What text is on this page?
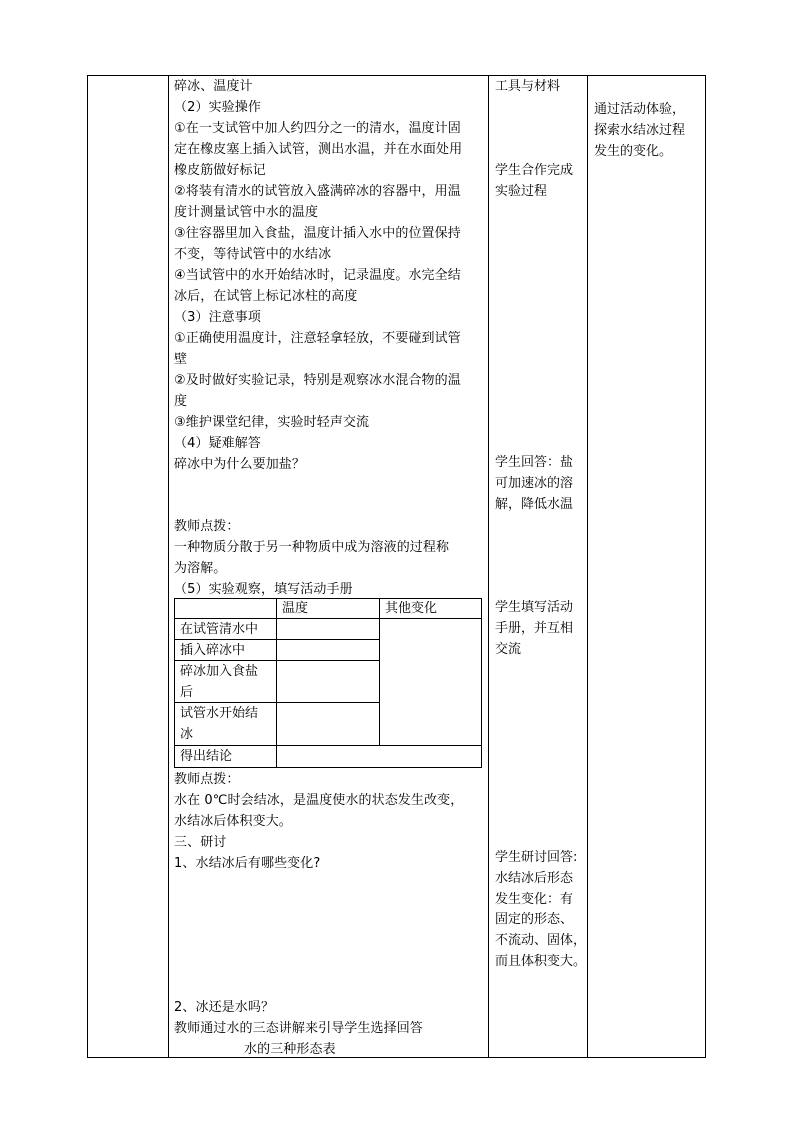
碎冰、温度计
（2）实验操作
①在一支试管中加人约四分之一的清水，温度计固
定在橡皮塞上插入试管，测出水温，并在水面处用
橡皮筋做好标记
②将装有清水的试管放入盛满碎冰的容器中，用温
度计测量试管中水的温度
③往容器里加入食盐，温度计插入水中的位置保持
不变，等待试管中的水结冰
④当试管中的水开始结冰时，记录温度。水完全结
冰后，在试管上标记冰柱的高度
（3）注意事项
①正确使用温度计，注意轻拿轻放，不要碰到试管
壁
②及时做好实验记录，特别是观察冰水混合物的温
度
③维护课堂纪律，实验时轻声交流
（4）疑难解答
碎冰中为什么要加盐？
教师点拨：
一种物质分散于另一种物质中成为溶液的过程称
为溶解。
（5）实验观察，填写活动手册
温度	其他变化
在试管清水中
插入碎冰中
碎冰加入食盐
后
试管水开始结
冰
得出结论
教师点拨：
水在 0℃时会结冰，是温度使水的状态发生改变，
水结冰后体积变大。
三、研讨
1、水结冰后有哪些变化?
2、冰还是水吗？
教师通过水的三态讲解来引导学生选择回答
水的三种形态表
工具与材料
学生合作完成
实验过程
学生回答：盐
可加速冰的溶
解，降低水温
学生填写活动
手册，并互相
交流
学生研讨回答:
水结冰后形态
发生变化：有
固定的形态、
不流动、固体，
而且体积变大。
通过活动体验，
探索水结冰过程
发生的变化。
